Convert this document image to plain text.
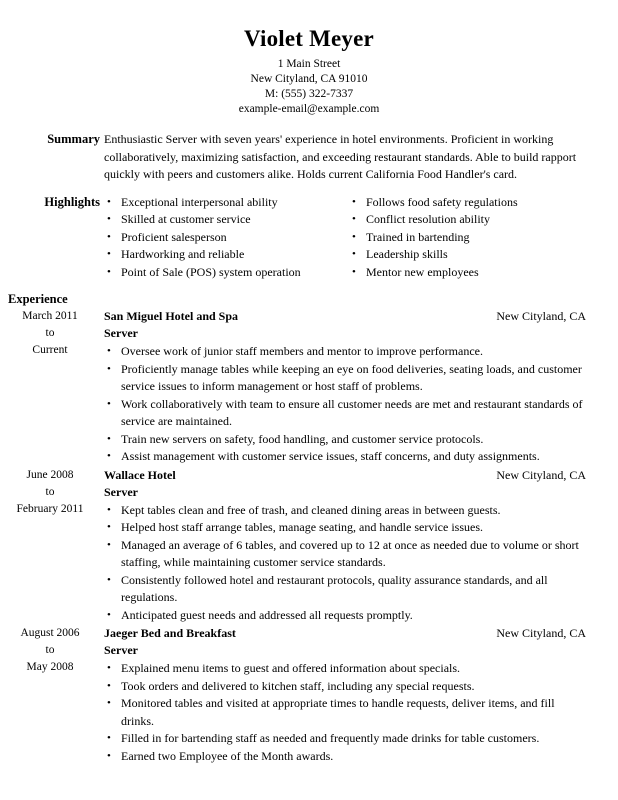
Violet Meyer
1 Main Street
New Cityland, CA 91010
M: (555) 322-7337
example-email@example.com
Summary Enthusiastic Server with seven years' experience in hotel environments. Proficient in working collaboratively, maximizing satisfaction, and exceeding restaurant standards. Able to build rapport quickly with peers and customers alike. Holds current California Food Handler's card.

Highlights	• Exceptional interpersonal ability
• Skilled at customer service
• Proficient salesperson
• Hardworking and reliable
• Point of Sale (POS) system operation
• Follows food safety regulations
• Conflict resolution ability
• Trained in bartending
• Leadership skills
• Mentor new employees
Experience
March 2011
to
Current
San Miguel Hotel and Spa	New Cityland, CA
Server
• Oversee work of junior staff members and mentor to improve performance.
• Proficiently manage tables while keeping an eye on food deliveries, seating loads, and customer service issues to inform management or host staff of problems.
• Work collaboratively with team to ensure all customer needs are met and restaurant standards of service are maintained.
• Train new servers on safety, food handling, and customer service protocols.
• Assist management with customer service issues, staff concerns, and duty assignments.
June 2008
to
February 2011
Wallace Hotel	New Cityland, CA
Server
• Kept tables clean and free of trash, and cleaned dining areas in between guests.
• Helped host staff arrange tables, manage seating, and handle service issues.
• Managed an average of 6 tables, and covered up to 12 at once as needed due to volume or short staffing, while maintaining customer service standards.
• Consistently followed hotel and restaurant protocols, quality assurance standards, and all regulations.
• Anticipated guest needs and addressed all requests promptly.
August 2006
to
May 2008
Jaeger Bed and Breakfast	New Cityland, CA
Server
• Explained menu items to guest and offered information about specials.
• Took orders and delivered to kitchen staff, including any special requests.
• Monitored tables and visited at appropriate times to handle requests, deliver items, and fill drinks.
• Filled in for bartending staff as needed and frequently made drinks for table customers.
• Earned two Employee of the Month awards.
